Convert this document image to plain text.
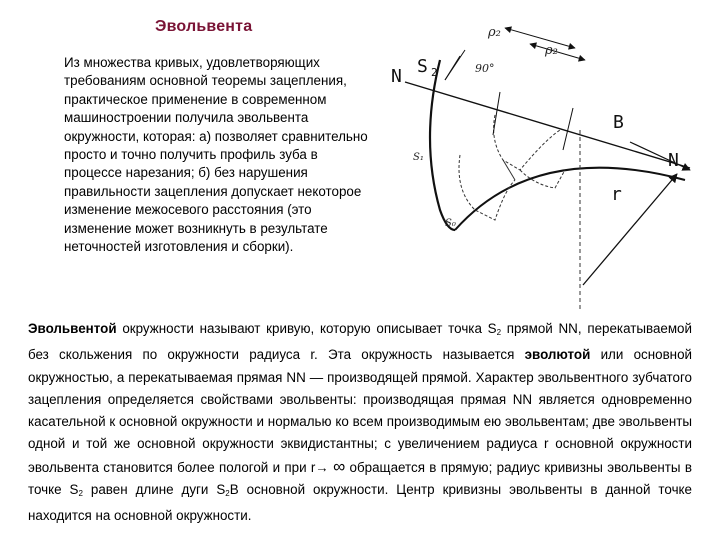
Эвольвента
Из множества кривых, удовлетворяющих требованиям основной теоремы зацепления, практическое применение в современном машиностроении получила эвольвента окружности, которая: а) позволяет сравнительно просто и точно получить профиль зуба в процессе нарезания; б) без нарушения правильности зацепления допускает некоторое изменение межосевого расстояния (это изменение может возникнуть в результате неточностей изготовления и сборки).
N S 2	90°
ρ₂
ρ₂
B
N
r
S₁
S₀
Эвольвентой окружности называют кривую, которую описывает точка $S_2$ прямой NN, перекатываемой без скольжения по окружности радиуса r. Эта окружность называется эволютой или основной окружностью, а перекатываемая прямая NN — производящей прямой. Характер эвольвентного зубчатого зацепления определяется свойствами эвольвенты: производящая прямая NN является одновременно касательной к основной окружности и нормалью ко всем производимым ею эвольвентам; две эвольвенты одной и той же основной окружности эквидистантны; с увеличением радиуса r основной окружности эвольвента становится более пологой и при r→ ∞ обращается в прямую; радиус кривизны эвольвенты в точке $S_2$ равен длине дуги $S_2B$ основной окружности. Центр кривизны эвольвенты в данной точке находится на основной окружности.
